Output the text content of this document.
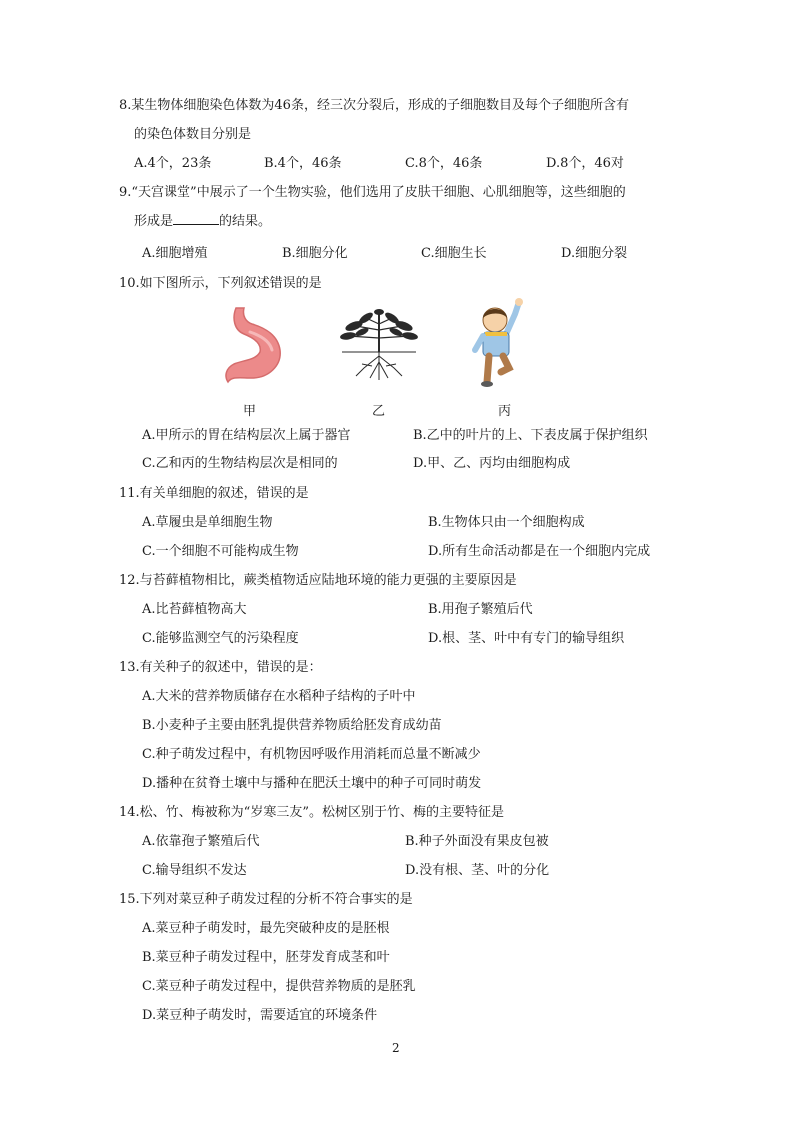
8.某生物体细胞染色体数为46条，经三次分裂后，形成的子细胞数目及每个子细胞所含有
的染色体数目分别是
A.4个，23条	B.4个，46条	C.8个，46条	D.8个，46对
9.“天宫课堂”中展示了一个生物实验，他们选用了皮肤干细胞、心肌细胞等，这些细胞的
形成是	的结果。
A.细胞增殖	B.细胞分化	C.细胞生长	D.细胞分裂
10.如下图所示，下列叙述错误的是
甲	乙	丙
A.甲所示的胃在结构层次上属于器官	B.乙中的叶片的上、下表皮属于保护组织
C.乙和丙的生物结构层次是相同的	D.甲、乙、丙均由细胞构成
11.有关单细胞的叙述，错误的是
A.草履虫是单细胞生物	B.生物体只由一个细胞构成
C.一个细胞不可能构成生物	D.所有生命活动都是在一个细胞内完成
12.与苔藓植物相比，蕨类植物适应陆地环境的能力更强的主要原因是
A.比苔藓植物高大	B.用孢子繁殖后代
C.能够监测空气的污染程度	D.根、茎、叶中有专门的输导组织
13.有关种子的叙述中，错误的是：
A.大米的营养物质储存在水稻种子结构的子叶中
B.小麦种子主要由胚乳提供营养物质给胚发育成幼苗
C.种子萌发过程中，有机物因呼吸作用消耗而总量不断减少
D.播种在贫脊土壤中与播种在肥沃土壤中的种子可同时萌发
14.松、竹、梅被称为“岁寒三友”。松树区别于竹、梅的主要特征是
A.依靠孢子繁殖后代	B.种子外面没有果皮包被
C.输导组织不发达	D.没有根、茎、叶的分化
15.下列对菜豆种子萌发过程的分析不符合事实的是
A.菜豆种子萌发时，最先突破种皮的是胚根
B.菜豆种子萌发过程中，胚芽发育成茎和叶
C.菜豆种子萌发过程中，提供营养物质的是胚乳
D.菜豆种子萌发时，需要适宜的环境条件
2
